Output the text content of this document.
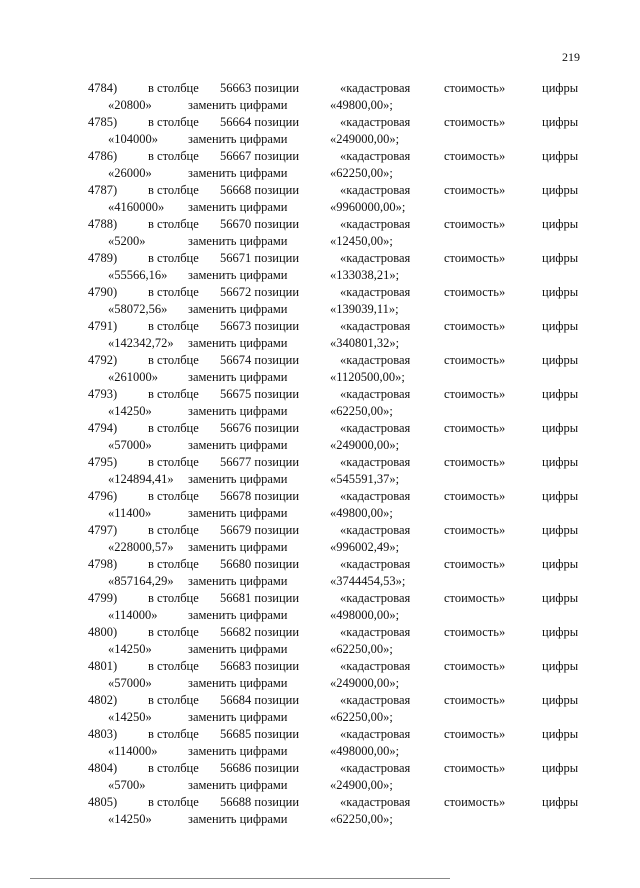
219
4784) в столбце 56663 позиции	«кадастровая	стоимость»	цифры
«20800»	заменить цифрами	«49800,00»;
4785) в столбце 56664 позиции	«кадастровая	стоимость»	цифры
«104000» заменить цифрами	«249000,00»;
4786) в столбце 56667 позиции	«кадастровая	стоимость»	цифры
«26000»	заменить цифрами	«62250,00»;
4787) в столбце 56668 позиции	«кадастровая	стоимость»	цифры
«4160000» заменить цифрами	«9960000,00»;
4788) в столбце 56670 позиции	«кадастровая	стоимость»	цифры
«5200»	заменить цифрами	«12450,00»;
4789) в столбце 56671 позиции	«кадастровая	стоимость»	цифры
«55566,16» заменить цифрами	«133038,21»;
4790) в столбце 56672 позиции	«кадастровая	стоимость»	цифры
«58072,56» заменить цифрами	«139039,11»;
4791) в столбце 56673 позиции	«кадастровая	стоимость»	цифры
«142342,72» заменить цифрами	«340801,32»;
4792) в столбце 56674 позиции	«кадастровая	стоимость»	цифры
«261000» заменить цифрами	«1120500,00»;
4793) в столбце 56675 позиции	«кадастровая	стоимость»	цифры
«14250»	заменить цифрами	«62250,00»;
4794) в столбце 56676 позиции	«кадастровая	стоимость»	цифры
«57000»	заменить цифрами	«249000,00»;
4795) в столбце 56677 позиции	«кадастровая	стоимость»	цифры
«124894,41» заменить цифрами	«545591,37»;
4796) в столбце 56678 позиции	«кадастровая	стоимость»	цифры
«11400»	заменить цифрами	«49800,00»;
4797) в столбце 56679 позиции	«кадастровая	стоимость»	цифры
«228000,57» заменить цифрами	«996002,49»;
4798) в столбце 56680 позиции	«кадастровая	стоимость»	цифры
«857164,29» заменить цифрами	«3744454,53»;
4799) в столбце 56681 позиции	«кадастровая	стоимость»	цифры
«114000» заменить цифрами	«498000,00»;
4800) в столбце 56682 позиции	«кадастровая	стоимость»	цифры
«14250»	заменить цифрами	«62250,00»;
4801) в столбце 56683 позиции	«кадастровая	стоимость»	цифры
«57000»	заменить цифрами	«249000,00»;
4802) в столбце 56684 позиции	«кадастровая	стоимость»	цифры
«14250»	заменить цифрами	«62250,00»;
4803) в столбце 56685 позиции	«кадастровая	стоимость»	цифры
«114000» заменить цифрами	«498000,00»;
4804) в столбце 56686 позиции	«кадастровая	стоимость»	цифры
«5700»	заменить цифрами	«24900,00»;
4805) в столбце 56688 позиции	«кадастровая	стоимость»	цифры
«14250»	заменить цифрами	«62250,00»;
